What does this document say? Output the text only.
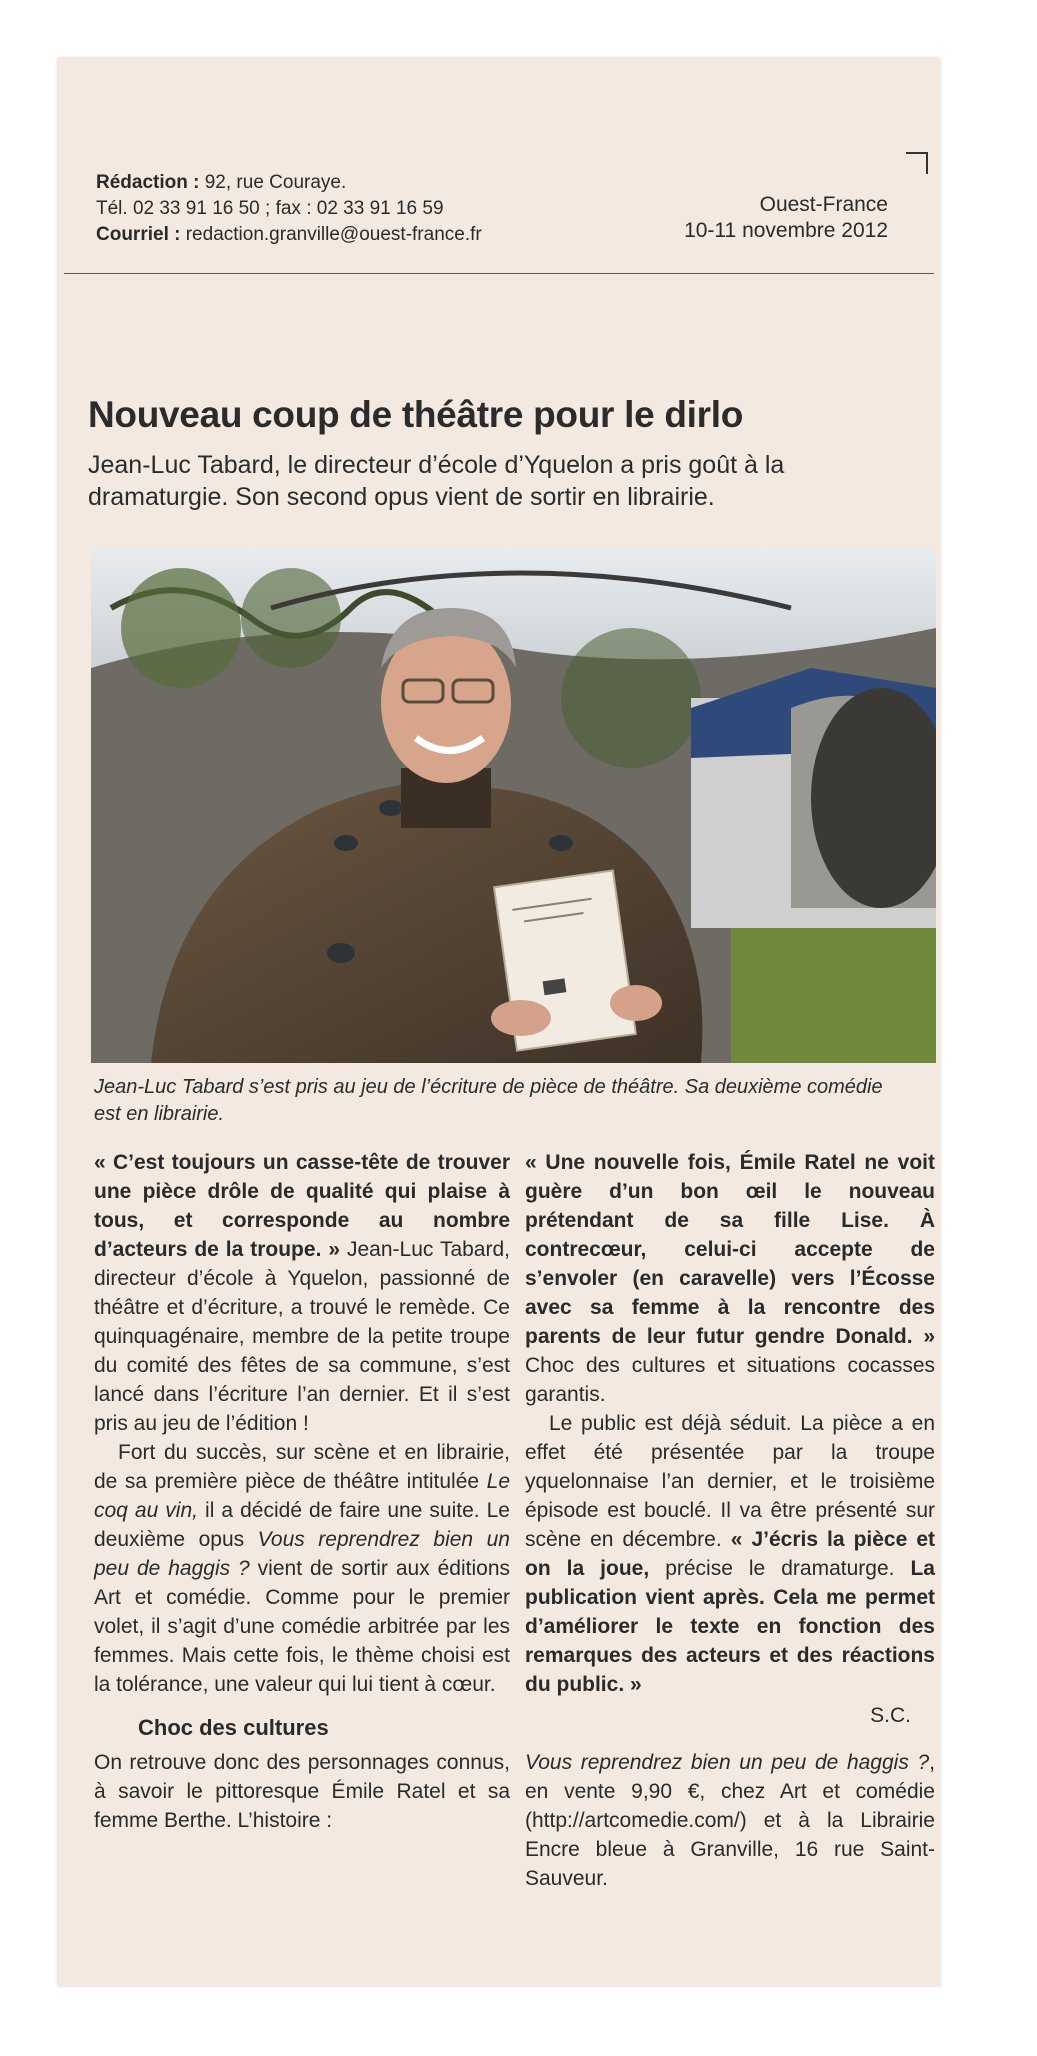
Rédaction : 92, rue Couraye.
Tél. 02 33 91 16 50 ; fax : 02 33 91 16 59
Courriel : redaction.granville@ouest-france.fr
Ouest-France
10-11 novembre 2012
Nouveau coup de théâtre pour le dirlo
Jean-Luc Tabard, le directeur d’école d’Yquelon a pris goût à la dramaturgie. Son second opus vient de sortir en librairie.
Jean-Luc Tabard s’est pris au jeu de l’écriture de pièce de théâtre. Sa deuxième comédie est en librairie.

« C’est toujours un casse-tête de trouver une pièce drôle de qualité qui plaise à tous, et corresponde au nombre d’acteurs de la troupe. » Jean-Luc Tabard, directeur d’école à Yquelon, passionné de théâtre et d’écriture, a trouvé le remède. Ce quinquagénaire, membre de la petite troupe du comité des fêtes de sa commune, s’est lancé dans l’écriture l’an dernier. Et il s’est pris au jeu de l’édition !

Fort du succès, sur scène et en librairie, de sa première pièce de théâtre intitulée Le coq au vin, il a décidé de faire une suite. Le deuxième opus Vous reprendrez bien un peu de haggis ? vient de sortir aux éditions Art et comédie. Comme pour le premier volet, il s’agit d’une comédie arbitrée par les femmes. Mais cette fois, le thème choisi est la tolérance, une valeur qui lui tient à cœur.

Choc des cultures

On retrouve donc des personnages connus, à savoir le pittoresque Émile Ratel et sa femme Berthe. L’histoire :

« Une nouvelle fois, Émile Ratel ne voit guère d’un bon œil le nouveau prétendant de sa fille Lise. À contrecœur, celui-ci accepte de s’envoler (en caravelle) vers l’Écosse avec sa femme à la rencontre des parents de leur futur gendre Donald. » Choc des cultures et situations cocasses garantis.

Le public est déjà séduit. La pièce a en effet été présentée par la troupe yquelonnaise l’an dernier, et le troisième épisode est bouclé. Il va être présenté sur scène en décembre. « J’écris la pièce et on la joue, précise le dramaturge. La publication vient après. Cela me permet d’améliorer le texte en fonction des remarques des acteurs et des réactions du public. »

S.C.

Vous reprendrez bien un peu de haggis ?, en vente 9,90 €, chez Art et comédie (http://artcomedie.com/) et à la Librairie Encre bleue à Granville, 16 rue Saint-Sauveur.
